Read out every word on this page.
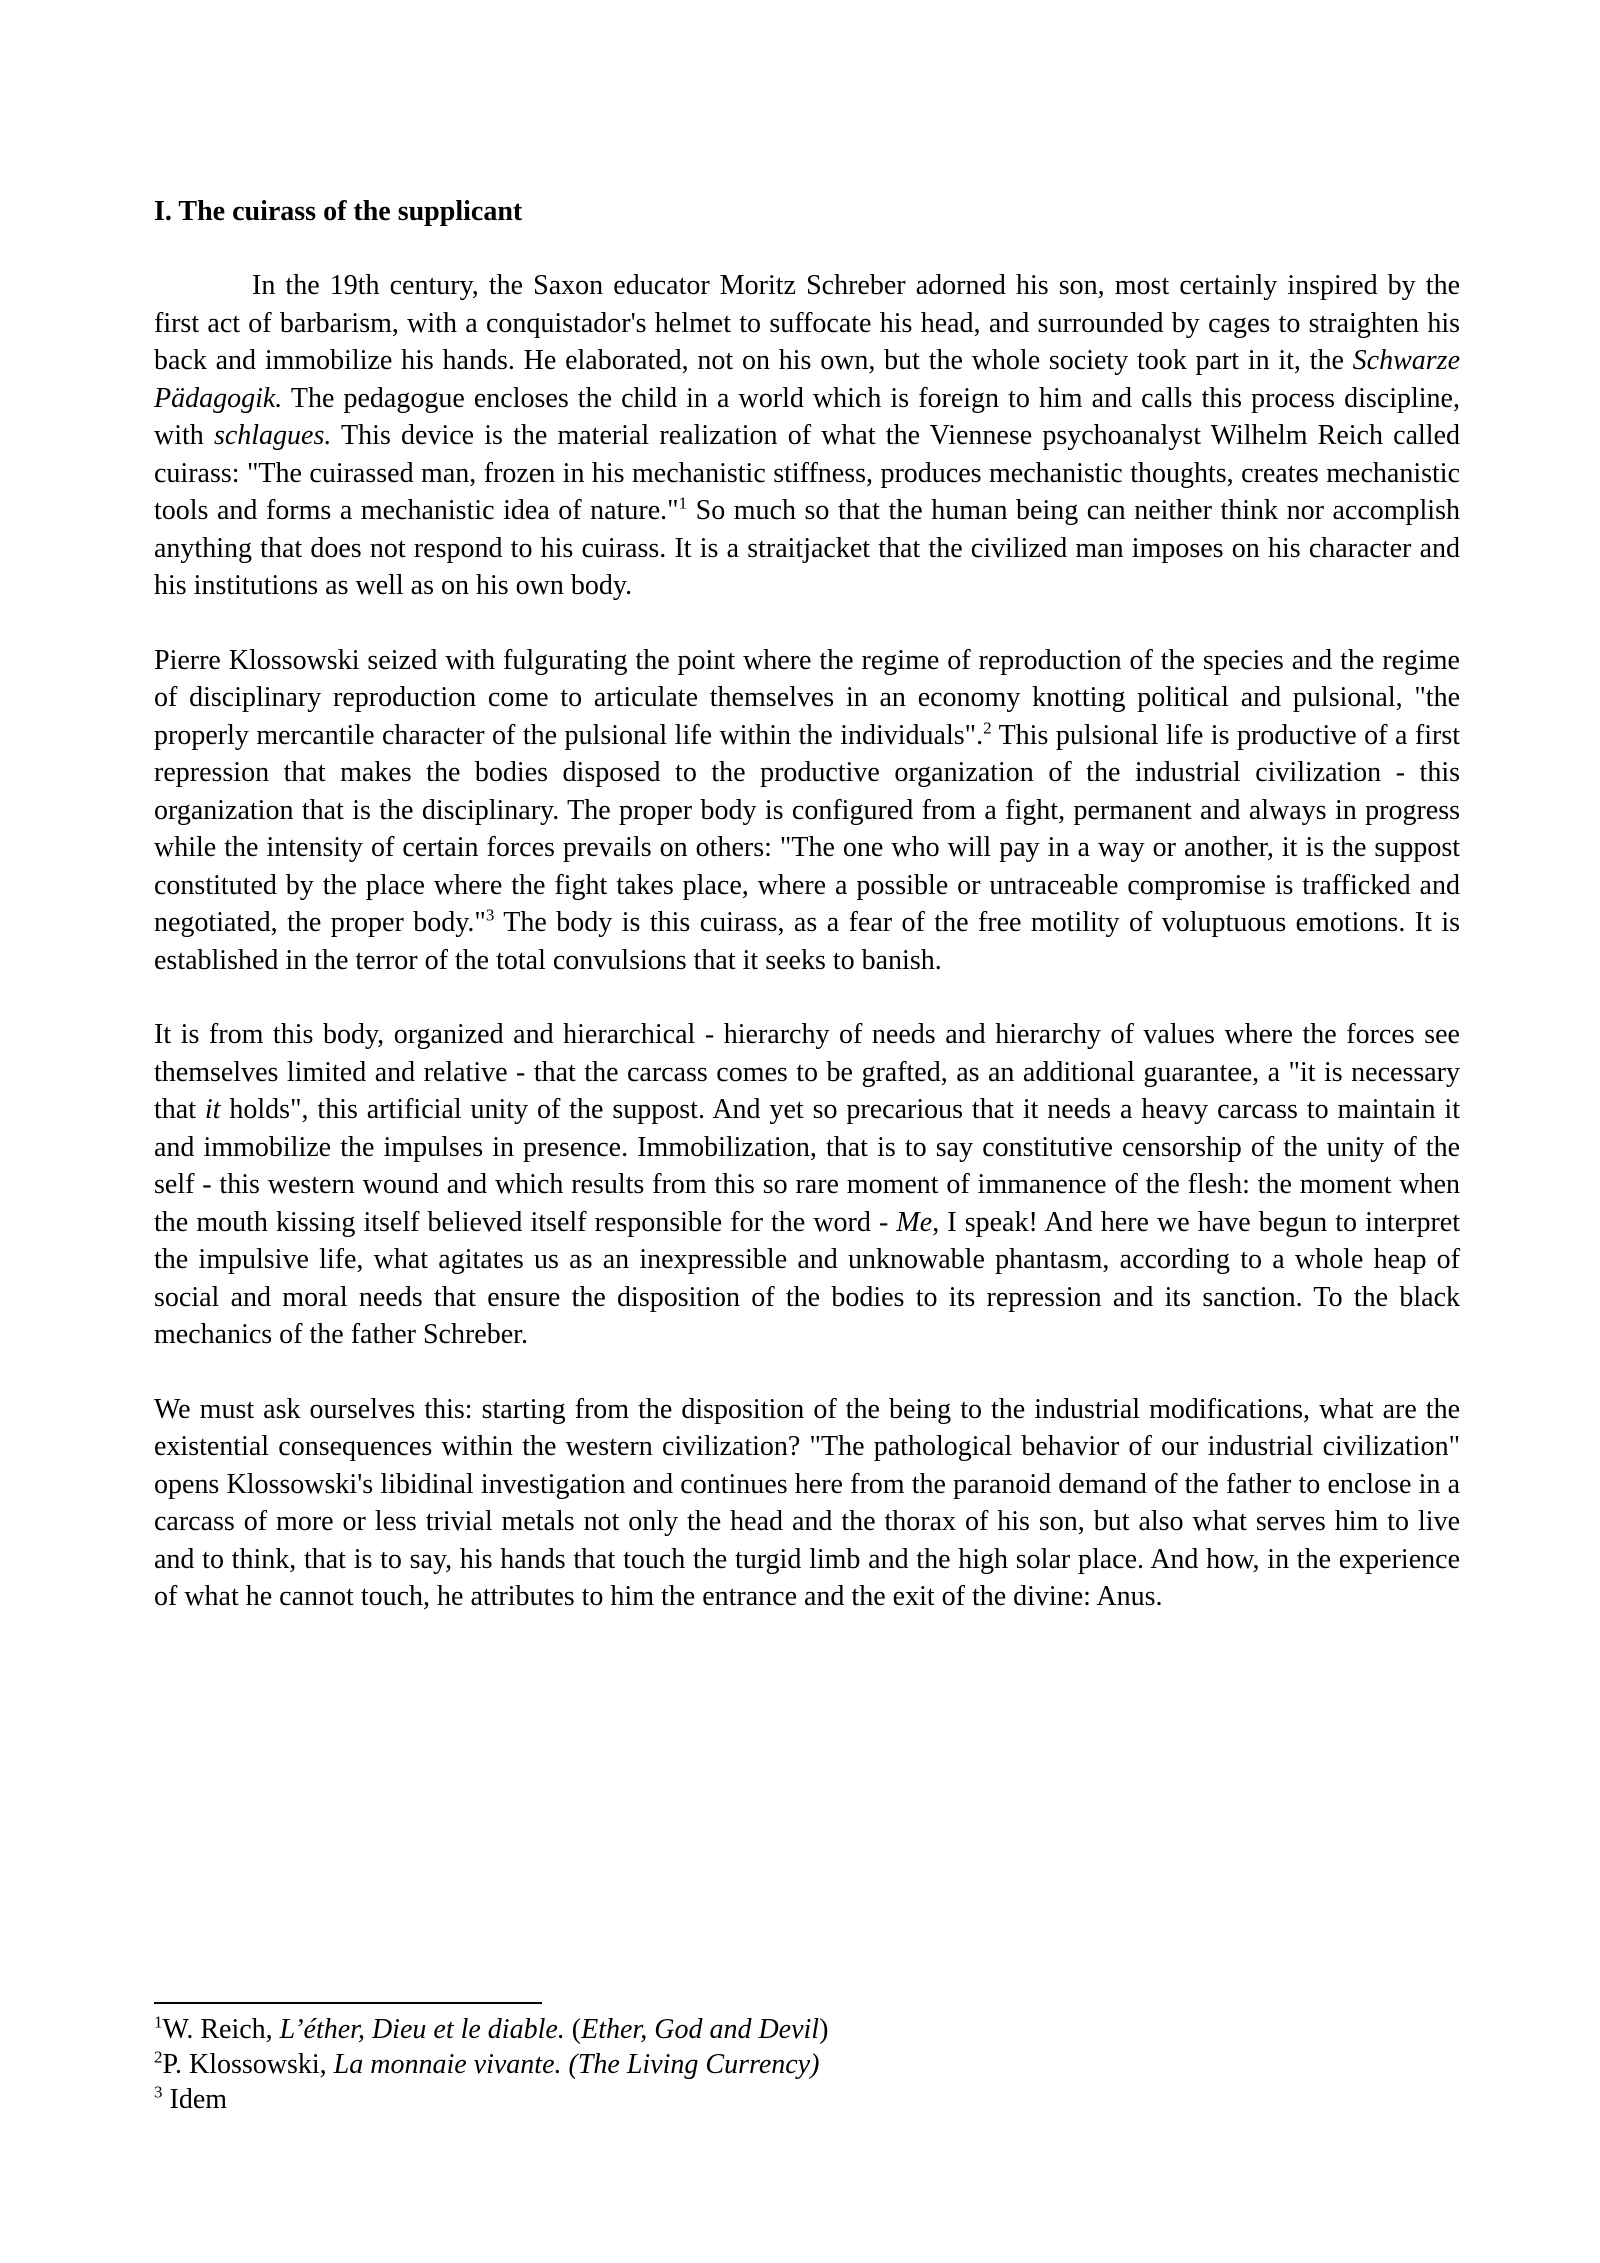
I. The cuirass of the supplicant

In the 19th century, the Saxon educator Moritz Schreber adorned his son, most certainly inspired by the first act of barbarism, with a conquistador's helmet to suffocate his head, and surrounded by cages to straighten his back and immobilize his hands. He elaborated, not on his own, but the whole society took part in it, the Schwarze Pädagogik. The pedagogue encloses the child in a world which is foreign to him and calls this process discipline, with schlagues. This device is the material realization of what the Viennese psychoanalyst Wilhelm Reich called cuirass: "The cuirassed man, frozen in his mechanistic stiffness, produces mechanistic thoughts, creates mechanistic tools and forms a mechanistic idea of nature."$^1$ So much so that the human being can neither think nor accomplish anything that does not respond to his cuirass. It is a straitjacket that the civilized man imposes on his character and his institutions as well as on his own body.

Pierre Klossowski seized with fulgurating the point where the regime of reproduction of the species and the regime of disciplinary reproduction come to articulate themselves in an economy knotting political and pulsional, "the properly mercantile character of the pulsional life within the individuals".$^2$ This pulsional life is productive of a first repression that makes the bodies disposed to the productive organization of the industrial civilization - this organization that is the disciplinary. The proper body is configured from a fight, permanent and always in progress while the intensity of certain forces prevails on others: "The one who will pay in a way or another, it is the suppost constituted by the place where the fight takes place, where a possible or untraceable compromise is trafficked and negotiated, the proper body."$^3$ The body is this cuirass, as a fear of the free motility of voluptuous emotions. It is established in the terror of the total convulsions that it seeks to banish.

It is from this body, organized and hierarchical - hierarchy of needs and hierarchy of values where the forces see themselves limited and relative - that the carcass comes to be grafted, as an additional guarantee, a "it is necessary that it holds", this artificial unity of the suppost. And yet so precarious that it needs a heavy carcass to maintain it and immobilize the impulses in presence. Immobilization, that is to say constitutive censorship of the unity of the self - this western wound and which results from this so rare moment of immanence of the flesh: the moment when the mouth kissing itself believed itself responsible for the word - Me, I speak! And here we have begun to interpret the impulsive life, what agitates us as an inexpressible and unknowable phantasm, according to a whole heap of social and moral needs that ensure the disposition of the bodies to its repression and its sanction. To the black mechanics of the father Schreber.

We must ask ourselves this: starting from the disposition of the being to the industrial modifications, what are the existential consequences within the western civilization? "The pathological behavior of our industrial civilization" opens Klossowski's libidinal investigation and continues here from the paranoid demand of the father to enclose in a carcass of more or less trivial metals not only the head and the thorax of his son, but also what serves him to live and to think, that is to say, his hands that touch the turgid limb and the high solar place. And how, in the experience of what he cannot touch, he attributes to him the entrance and the exit of the divine: Anus.

$^1$W. Reich, L’éther, Dieu et le diable. (Ether, God and Devil)

$^2$P. Klossowski, La monnaie vivante. (The Living Currency)

$^3$ Idem
